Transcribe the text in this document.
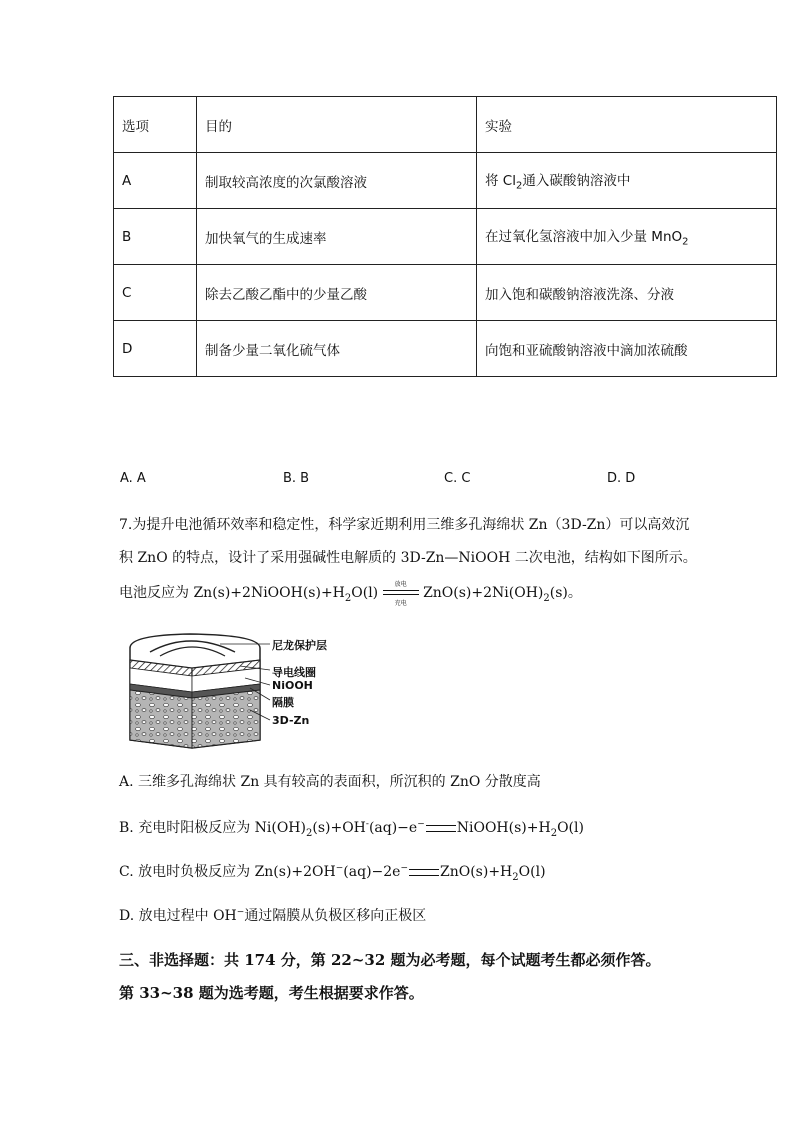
选项	目的	实验
A	制取较高浓度的次氯酸溶液	将 $Cl_2$通入碳酸钠溶液中
B	加快氧气的生成速率	在过氧化氢溶液中加入少量 MnO$_2$
C	除去乙酸乙酯中的少量乙酸	加入饱和碳酸钠溶液洗涤、分液
D	制备少量二氧化硫气体	向饱和亚硫酸钠溶液中滴加浓硫酸
A. A	B. B	C. C	D. D
7.为提升电池循环效率和稳定性，科学家近期利用三维多孔海绵状 Zn（3D-Zn）可以高效沉
积 ZnO 的特点，设计了采用强碱性电解质的 3D-Zn—NiOOH 二次电池，结构如下图所示。
电池反应为 $Zn(s)+2NiOOH(s)+H_2O(l)$
放电
充电
$ZnO(s)+2Ni(OH)_2(s)$。
尼龙保护层
导电线圈
NiOOH
隔膜
3D-Zn
A. 三维多孔海绵状 Zn 具有较高的表面积，所沉积的 ZnO 分散度高
B. 充电时阳极反应为 $Ni(OH)_2(s)+OH^-(aq)-e^-$ $NiOOH(s)+H_2O(l)$
C. 放电时负极反应为 Zn(s)+2OH−(aq)−2e− $ZnO(s)+H_2O(l)$
D. 放电过程中 OH−通过隔膜从负极区移向正极区
三、非选择题：共 174 分，第 22~32 题为必考题，每个试题考生都必须作答。
第 33~38 题为选考题，考生根据要求作答。
